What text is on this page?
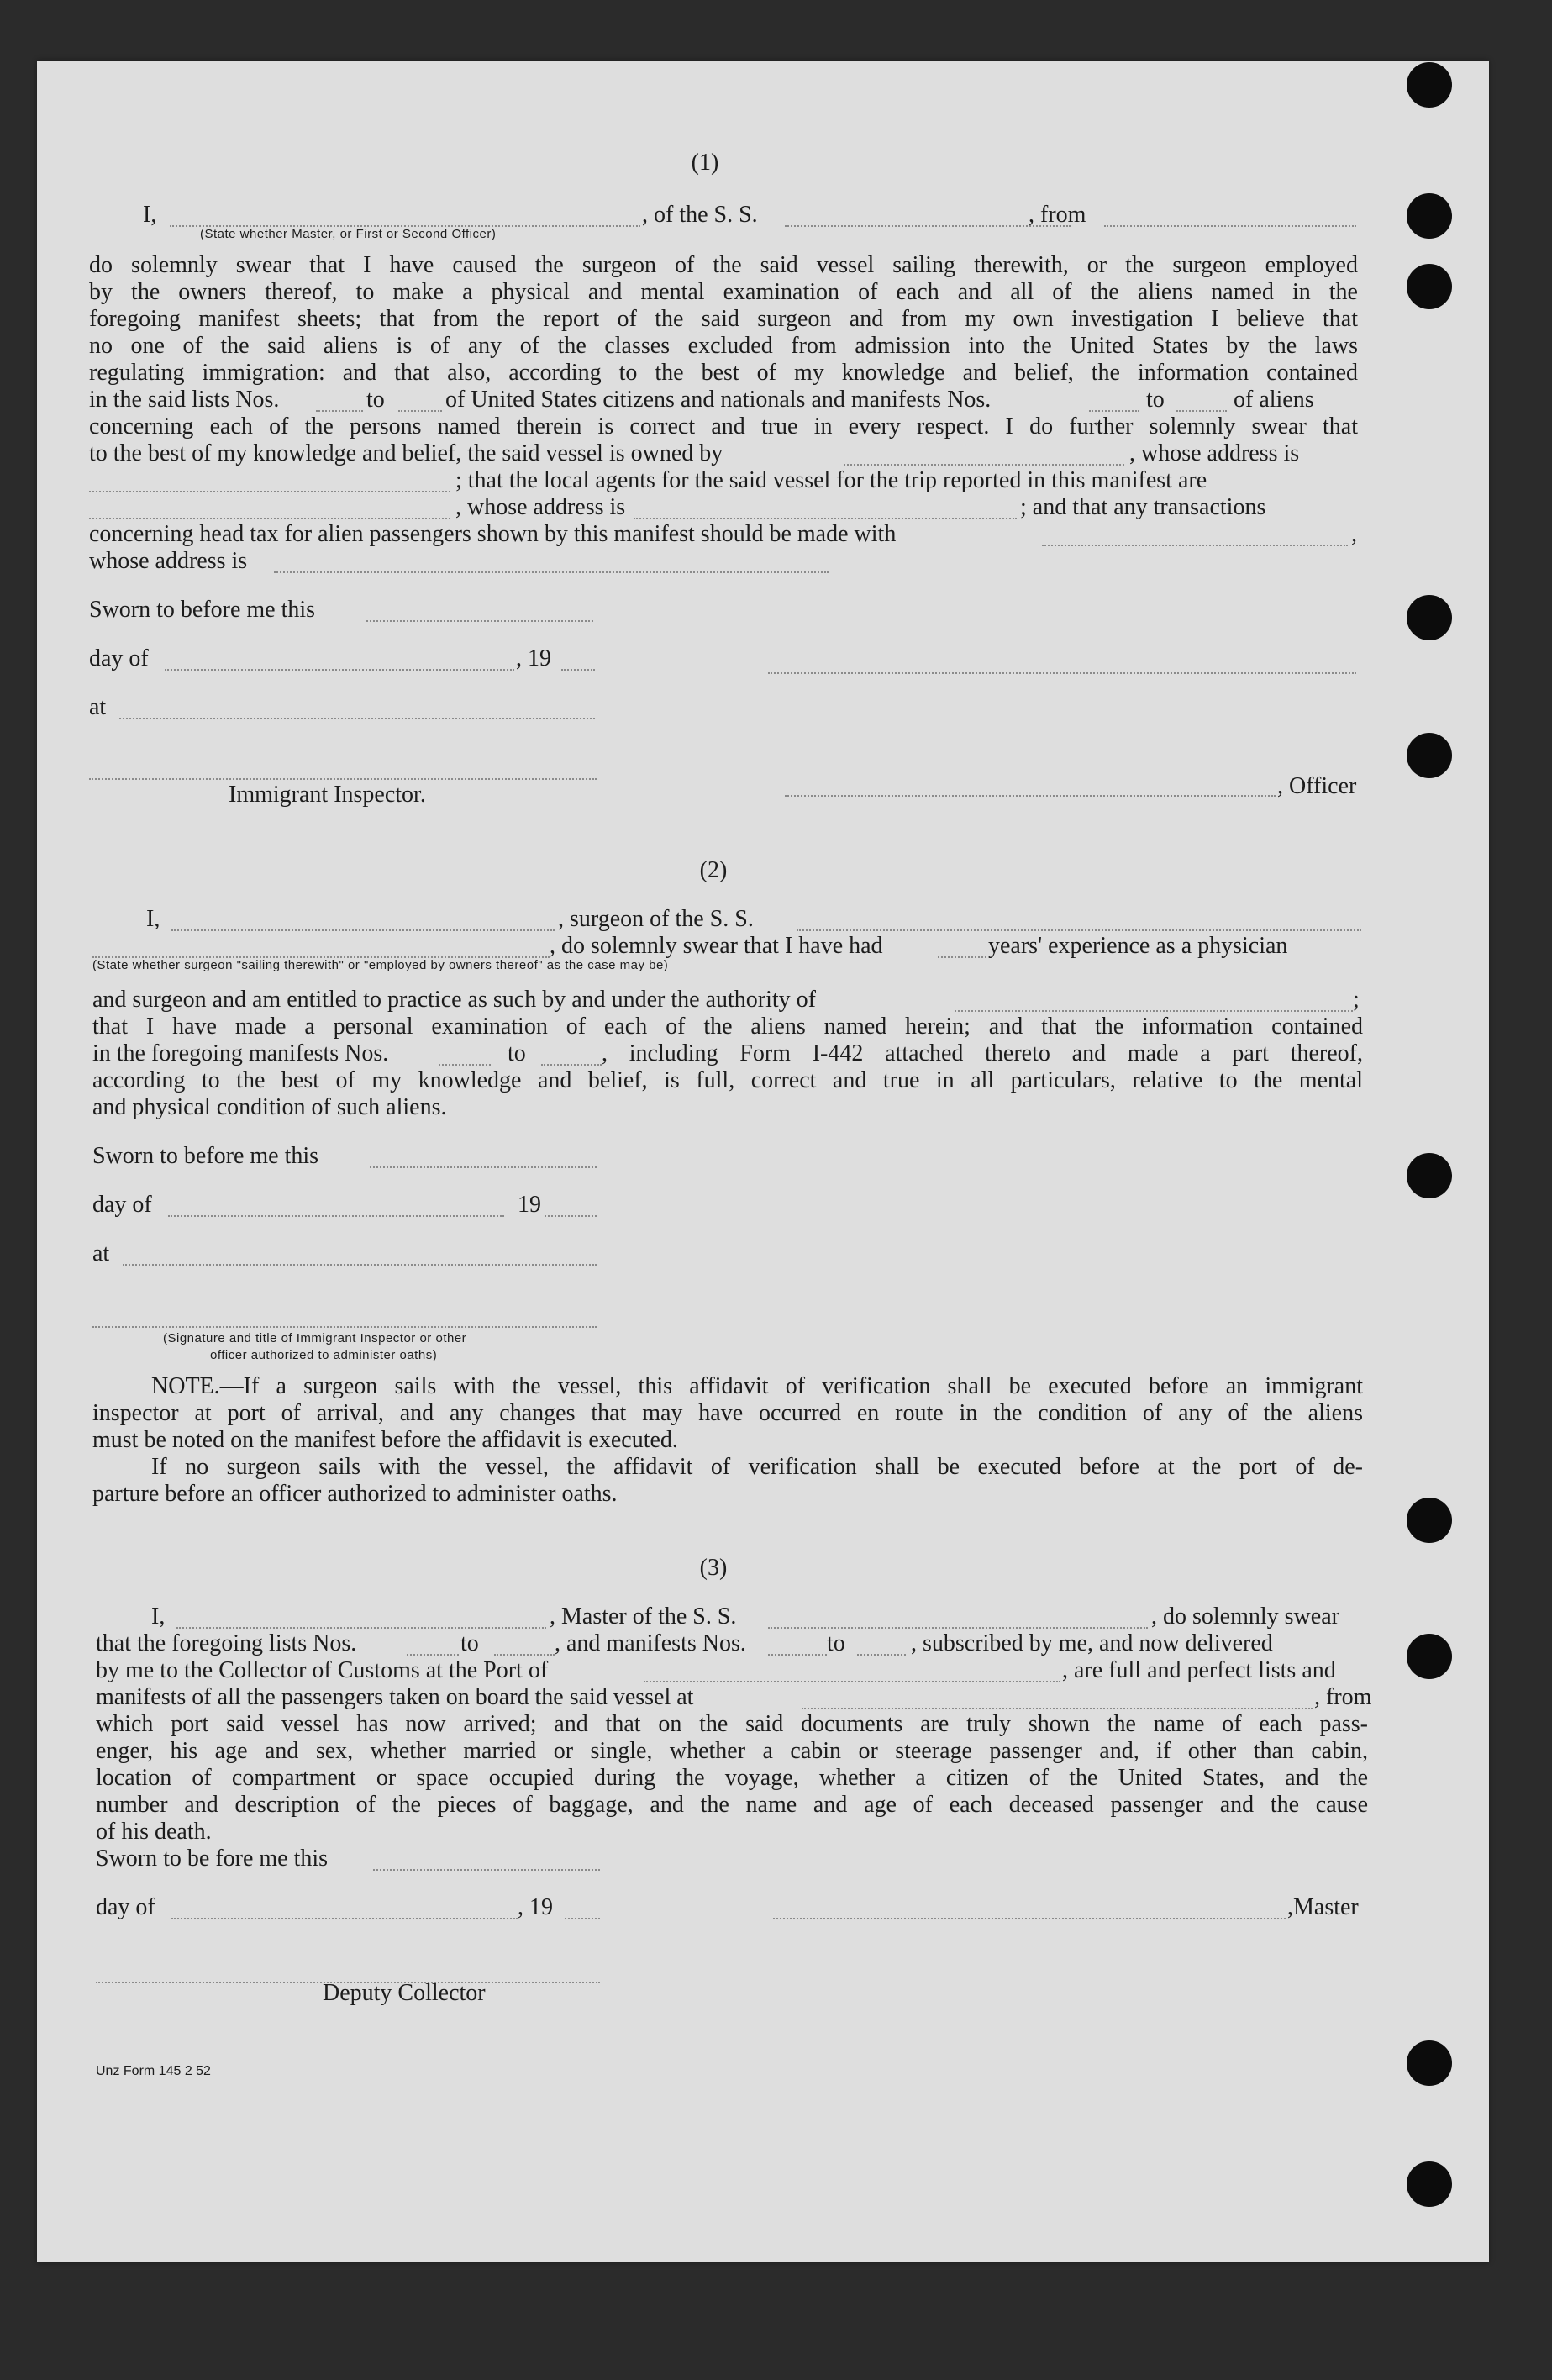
(1)
I,	, of the S. S.	, from
(State whether Master, or First or Second Officer)
do solemnly swear that I have caused the surgeon of the said vessel sailing therewith, or the surgeon employed
by the owners thereof, to make a physical and mental examination of each and all of the aliens named in the
foregoing manifest sheets; that from the report of the said surgeon and from my own investigation I believe that
no one of the said aliens is of any of the classes excluded from admission into the United States by the laws
regulating immigration: and that also, according to the best of my knowledge and belief, the information contained
in the said lists Nos.	to	of United States citizens and nationals and manifests Nos.	to	of aliens
concerning each of the persons named therein is correct and true in every respect. I do further solemnly swear that
to the best of my knowledge and belief, the said vessel is owned by	, whose address is
; that the local agents for the said vessel for the trip reported in this manifest are
, whose address is	; and that any transactions
concerning head tax for alien passengers shown by this manifest should be made with	,
whose address is
Sworn to before me this
day of	, 19
at
Immigrant Inspector.	, Officer
(2)
I,	, surgeon of the S. S.
, do solemnly swear that I have had	years' experience as a physician
(State whether surgeon "sailing therewith" or "employed by owners thereof" as the case may be)
and surgeon and am entitled to practice as such by and under the authority of	;
that I have made a personal examination of each of the aliens named herein; and that the information contained
in the foregoing manifests Nos.	to	, including Form I-442 attached thereto and made a part thereof,
according to the best of my knowledge and belief, is full, correct and true in all particulars, relative to the mental
and physical condition of such aliens.
Sworn to before me this
day of	19
at
(Signature and title of Immigrant Inspector or other
officer authorized to administer oaths)
NOTE.—If a surgeon sails with the vessel, this affidavit of verification shall be executed before an immigrant
inspector at port of arrival, and any changes that may have occurred en route in the condition of any of the aliens
must be noted on the manifest before the affidavit is executed.
If no surgeon sails with the vessel, the affidavit of verification shall be executed before at the port of de-
parture before an officer authorized to administer oaths.
(3)
I,	, Master of the S. S.	, do solemnly swear
that the foregoing lists Nos.	to	, and manifests Nos.	to	, subscribed by me, and now delivered
by me to the Collector of Customs at the Port of	, are full and perfect lists and
manifests of all the passengers taken on board the said vessel at	, from
which port said vessel has now arrived; and that on the said documents are truly shown the name of each pass-
enger, his age and sex, whether married or single, whether a cabin or steerage passenger and, if other than cabin,
location of compartment or space occupied during the voyage, whether a citizen of the United States, and the
number and description of the pieces of baggage, and the name and age of each deceased passenger and the cause
of his death.
Sworn to be fore me this
day of	, 19	,Master
Deputy Collector
Unz Form 145 2 52
